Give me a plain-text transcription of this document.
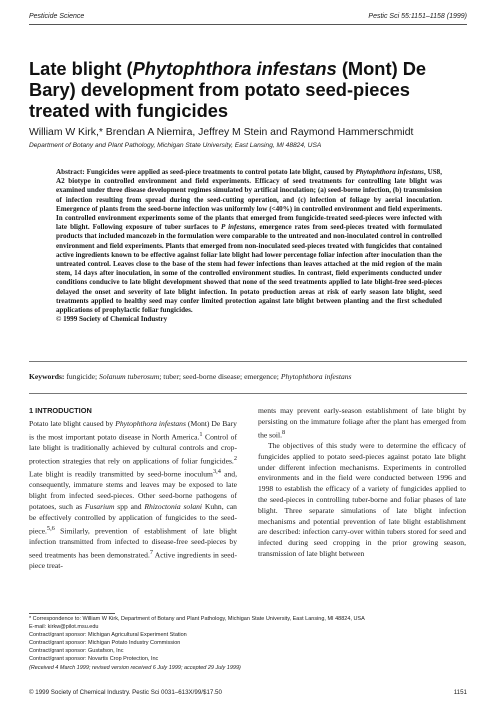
Pesticide Science	Pestic Sci 55:1151–1158 (1999)
Late blight (Phytophthora infestans (Mont) De Bary) development from potato seed-pieces treated with fungicides
William W Kirk,* Brendan A Niemira, Jeffrey M Stein and Raymond Hammerschmidt
Department of Botany and Plant Pathology, Michigan State University, East Lansing, MI 48824, USA
Abstract: Fungicides were applied as seed-piece treatments to control potato late blight, caused by Phytophthora infestans, US8, A2 biotype in controlled environment and field experiments. Efficacy of seed treatments for controlling late blight was examined under three disease development regimes simulated by artifical inoculation; (a) seed-borne infection, (b) transmission of infection resulting from spread during the seed-cutting operation, and (c) infection of foliage by aerial inoculation. Emergence of plants from the seed-borne infection was uniformly low (<40%) in controlled environment and field experiments. In controlled environment experiments some of the plants that emerged from fungicide-treated seed-pieces were infected with late blight. Following exposure of tuber surfaces to P infestans, emergence rates from seed-pieces treated with formulated products that included mancozeb in the formulation were comparable to the untreated and non-inoculated control in controlled environment and field experiments. Plants that emerged from non-inoculated seed-pieces treated with fungicides that contained active ingredients known to be effective against foliar late blight had lower percentage foliar infection after inoculation than the untreated control. Leaves close to the base of the stem had fewer infections than leaves attached at the mid region of the main stem, 14 days after inoculation, in some of the controlled environment studies. In contrast, field experiments conducted under conditions conducive to late blight development showed that none of the seed treatments applied to late blight-free seed-pieces delayed the onset and severity of late blight infection. In potato production areas at risk of early season late blight, seed treatments applied to healthy seed may confer limited protection against late blight between planting and the first scheduled applications of prophylactic foliar fungicides.
© 1999 Society of Chemical Industry
Keywords: fungicide; Solanum tuberosum; tuber; seed-borne disease; emergence; Phytophthora infestans
1 INTRODUCTION

Potato late blight caused by Phytophthora infestans (Mont) De Bary is the most important potato disease in North America.$^1$ Control of late blight is traditionally achieved by cultural controls and crop-protection strategies that rely on applications of foliar fungicides.$^2$ Late blight is readily transmitted by seed-borne inoculum$^{3,4}$ and, consequently, immature stems and leaves may be exposed to late blight from infected seed-pieces. Other seed-borne pathogens of potatoes, such as Fusarium spp and Rhizoctonia solani Kuhn, can be effectively controlled by application of fungicides to the seed-piece.$^{5,6}$ Similarly, prevention of establishment of late blight infection transmitted from infected to disease-free seed-pieces by seed treatments has been demonstrated.$^7$ Active ingredients in seed-piece treat-

ments may prevent early-season establishment of late blight by persisting on the immature foliage after the plant has emerged from the soil.$^8$

The objectives of this study were to determine the efficacy of fungicides applied to potato seed-pieces against potato late blight under different infection mechanisms. Experiments in controlled environments and in the field were conducted between 1996 and 1998 to establish the efficacy of a variety of fungicides applied to the seed-pieces in controlling tuber-borne and foliar phases of late blight. Three separate simulations of late blight infection mechanisms and potential prevention of late blight establishment are described: infection carry-over within tubers stored for seed and infected during seed cropping in the prior growing season, transmission of late blight between

* Correspondence to: William W Kirk, Department of Botany and Plant Pathology, Michigan State University, East Lansing, MI 48824, USA
E-mail: kirkw@pilot.msu.edu
Contract/grant sponsor: Michigan Agricultural Experiment Station
Contract/grant sponsor: Michigan Potato Industry Commission
Contract/grant sponsor: Gustafson, Inc
Contract/grant sponsor: Novartis Crop Protection, Inc
(Received 4 March 1999; revised version received 6 July 1999; accepted 29 July 1999)
© 1999 Society of Chemical Industry. Pestic Sci 0031–613X/99/$17.50	1151
